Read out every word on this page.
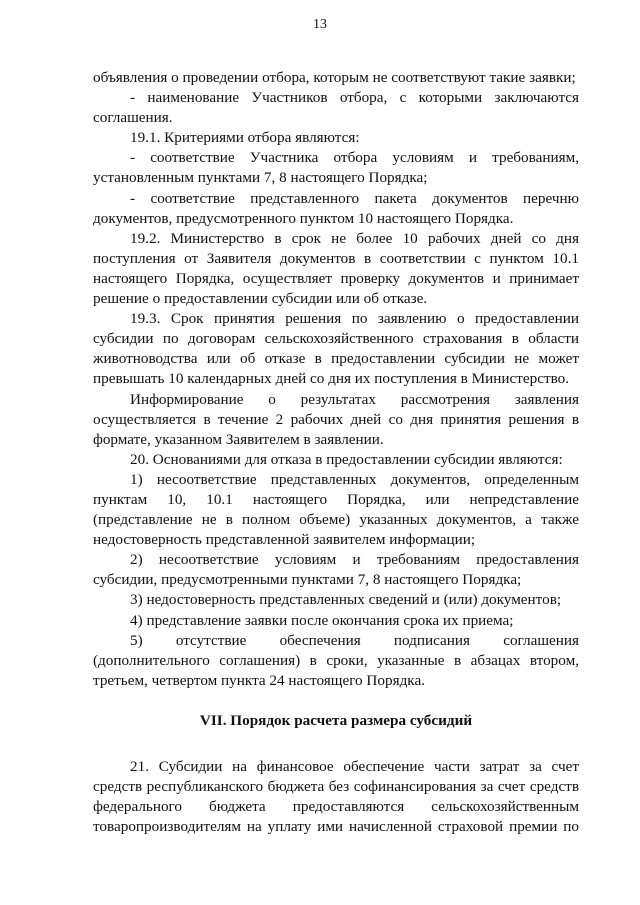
13

объявления о проведении отбора, которым не соответствуют такие заявки;

- наименование Участников отбора, с которыми заключаются соглашения.

19.1. Критериями отбора являются:

- соответствие Участника отбора условиям и требованиям, установленным пунктами 7, 8 настоящего Порядка;

- соответствие представленного пакета документов перечню документов, предусмотренного пунктом 10 настоящего Порядка.

19.2. Министерство в срок не более 10 рабочих дней со дня поступления от Заявителя документов в соответствии с пунктом 10.1 настоящего Порядка, осуществляет проверку документов и принимает решение о предоставлении субсидии или об отказе.

19.3. Срок принятия решения по заявлению о предоставлении субсидии по договорам сельскохозяйственного страхования в области животноводства или об отказе в предоставлении субсидии не может превышать 10 календарных дней со дня их поступления в Министерство.

Информирование о результатах рассмотрения заявления осуществляется в течение 2 рабочих дней со дня принятия решения в формате, указанном Заявителем в заявлении.

20. Основаниями для отказа в предоставлении субсидии являются:

1) несоответствие представленных документов, определенным пунктам 10, 10.1 настоящего Порядка, или непредставление (представление не в полном объеме) указанных документов, а также недостоверность представленной заявителем информации;

2) несоответствие условиям и требованиям предоставления субсидии, предусмотренными пунктами 7, 8 настоящего Порядка;

3) недостоверность представленных сведений и (или) документов;

4) представление заявки после окончания срока их приема;

5) отсутствие обеспечения подписания соглашения (дополнительного соглашения) в сроки, указанные в абзацах втором, третьем, четвертом пункта 24 настоящего Порядка.

VII. Порядок расчета размера субсидий

21. Субсидии на финансовое обеспечение части затрат за счет средств республиканского бюджета без софинансирования за счет средств федерального бюджета предоставляются сельскохозяйственным товаропроизводителям на уплату ими начисленной страховой премии по
